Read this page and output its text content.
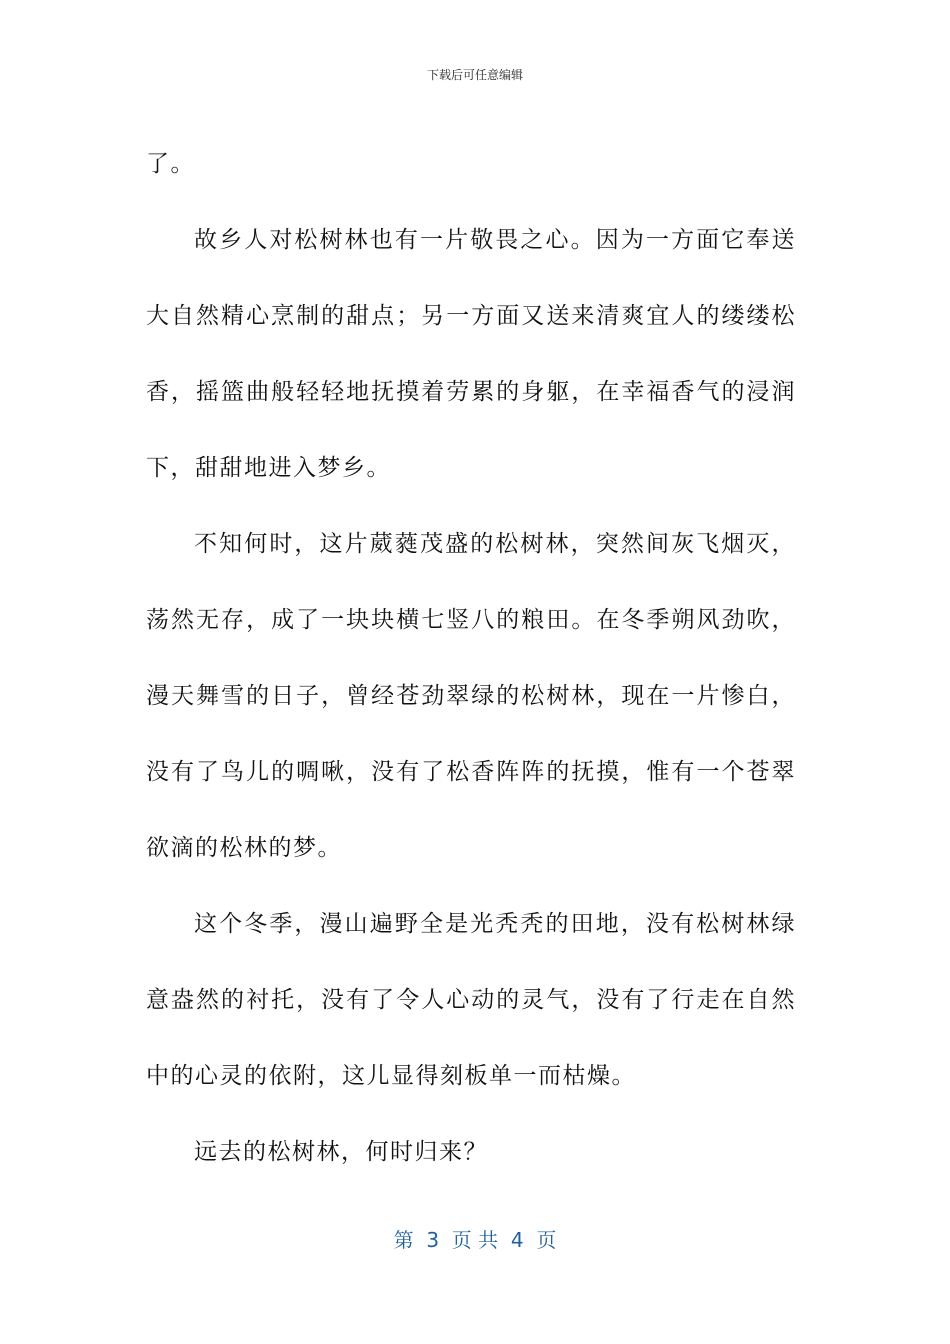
下载后可任意编辑

了。

故乡人对松树林也有一片敬畏之心。因为一方面它奉送大自然精心烹制的甜点；另一方面又送来清爽宜人的缕缕松香，摇篮曲般轻轻地抚摸着劳累的身躯，在幸福香气的浸润下，甜甜地进入梦乡。

不知何时，这片葳蕤茂盛的松树林，突然间灰飞烟灭，荡然无存，成了一块块横七竖八的粮田。在冬季朔风劲吹，漫天舞雪的日子，曾经苍劲翠绿的松树林，现在一片惨白，没有了鸟儿的啁啾，没有了松香阵阵的抚摸，惟有一个苍翠欲滴的松林的梦。

这个冬季，漫山遍野全是光秃秃的田地，没有松树林绿意盎然的衬托，没有了令人心动的灵气，没有了行走在自然中的心灵的依附，这儿显得刻板单一而枯燥。

远去的松树林，何时归来？

第  3  页 共  4  页
